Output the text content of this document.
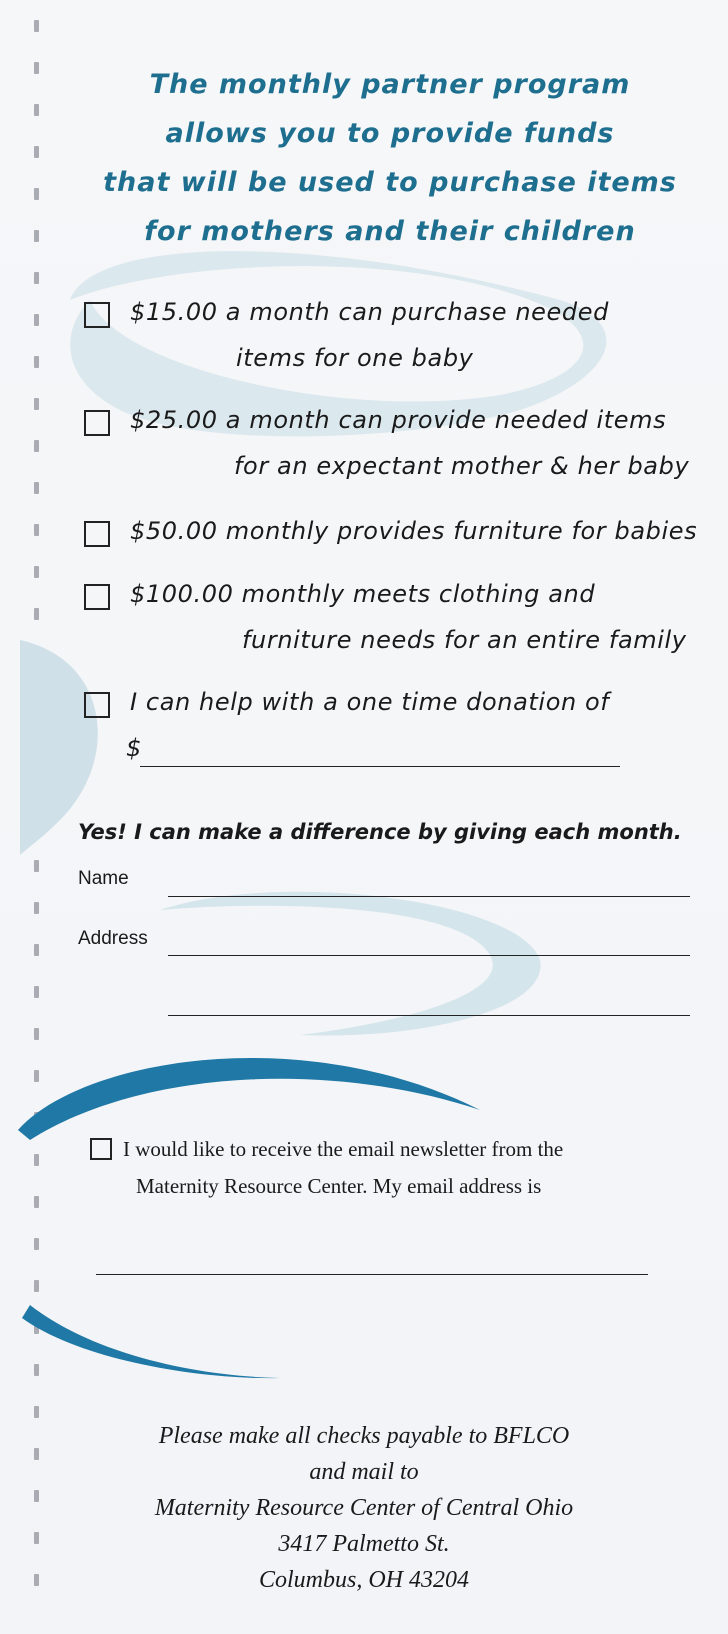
The monthly partner program
allows you to provide funds
that will be used to purchase items
for mothers and their children
$15.00 a month can purchase needed
items for one baby
$25.00 a month can provide needed items
for an expectant mother & her baby
$50.00 monthly provides furniture for babies
$100.00 monthly meets clothing and
furniture needs for an entire family
I can help with a one time donation of
$
Yes! I can make a difference by giving each month.
Name
Address
I would like to receive the email newsletter from the
Maternity Resource Center. My email address is
Please make all checks payable to BFLCO
and mail to
Maternity Resource Center of Central Ohio
3417 Palmetto St.
Columbus, OH 43204
